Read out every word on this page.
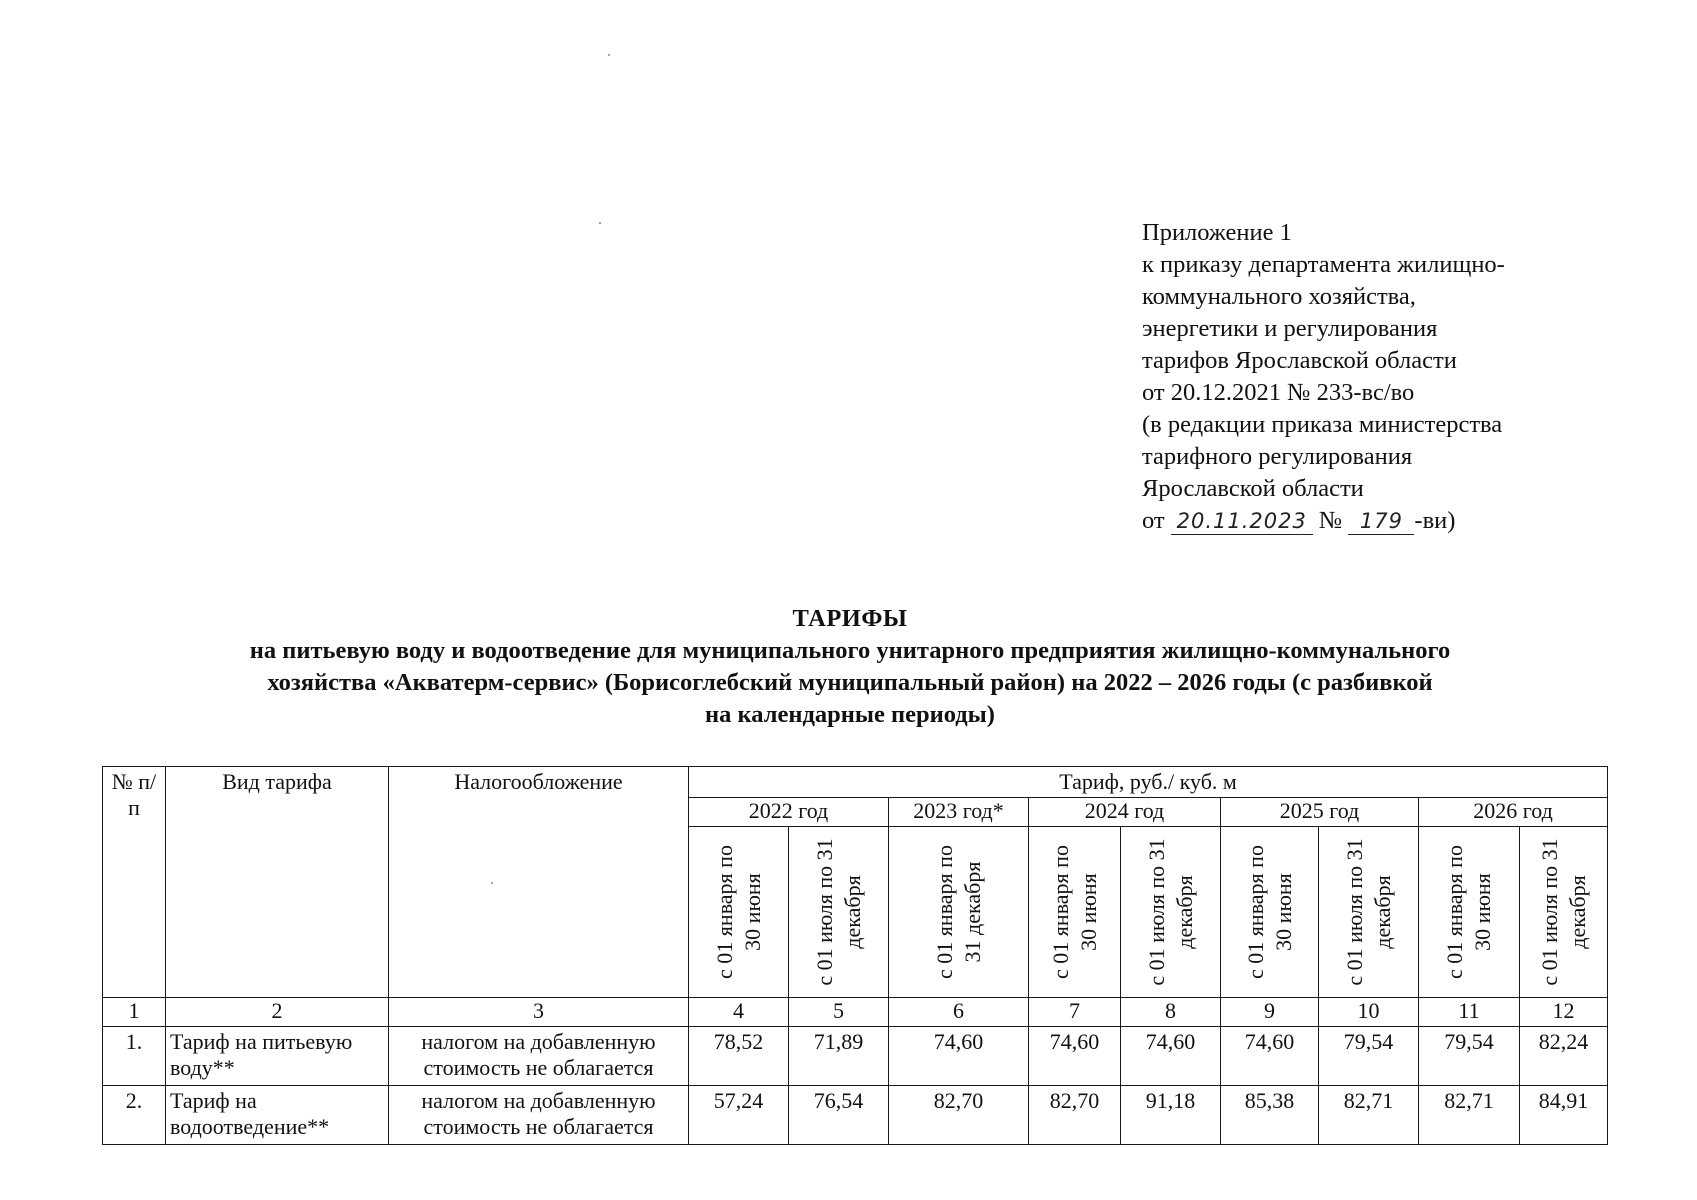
Приложение 1
к приказу департамента жилищно-
коммунального хозяйства,
энергетики и регулирования
тарифов Ярославской области
от 20.12.2021 № 233-вс/во
(в редакции приказа министерства
тарифного регулирования
Ярославской области
от 20.11.2023 № 179 -ви)
ТАРИФЫ
на питьевую воду и водоотведение для муниципального унитарного предприятия жилищно-коммунального
хозяйства «Акватерм-сервис» (Борисоглебский муниципальный район) на 2022 – 2026 годы (с разбивкой
на календарные периоды)
№ п/п	Вид тарифа	Налогообложение	Тариф, руб./ куб. м								
			2022 год		2023 год*	2024 год		2025 год		2026 год	

			с 01 января по 30 июня	с 01 июля по 31 декабря	с 01 января по 31 декабря	с 01 января по 30 июня	с 01 июля по 31 декабря	с 01 января по 30 июня	с 01 июля по 31 декабря	с 01 января по 30 июня	с 01 июля по 31 декабря

1	2	3	4	5	6	7	8	9	10	11	12
1.	Тариф на питьевую воду**	налогом на добавленную стоимость не облагается	78,52	71,89	74,60	74,60	74,60	74,60	79,54	79,54	82,24
2.	Тариф на водоотведение**	налогом на добавленную стоимость не облагается	57,24	76,54	82,70	82,70	91,18	85,38	82,71	82,71	84,91
